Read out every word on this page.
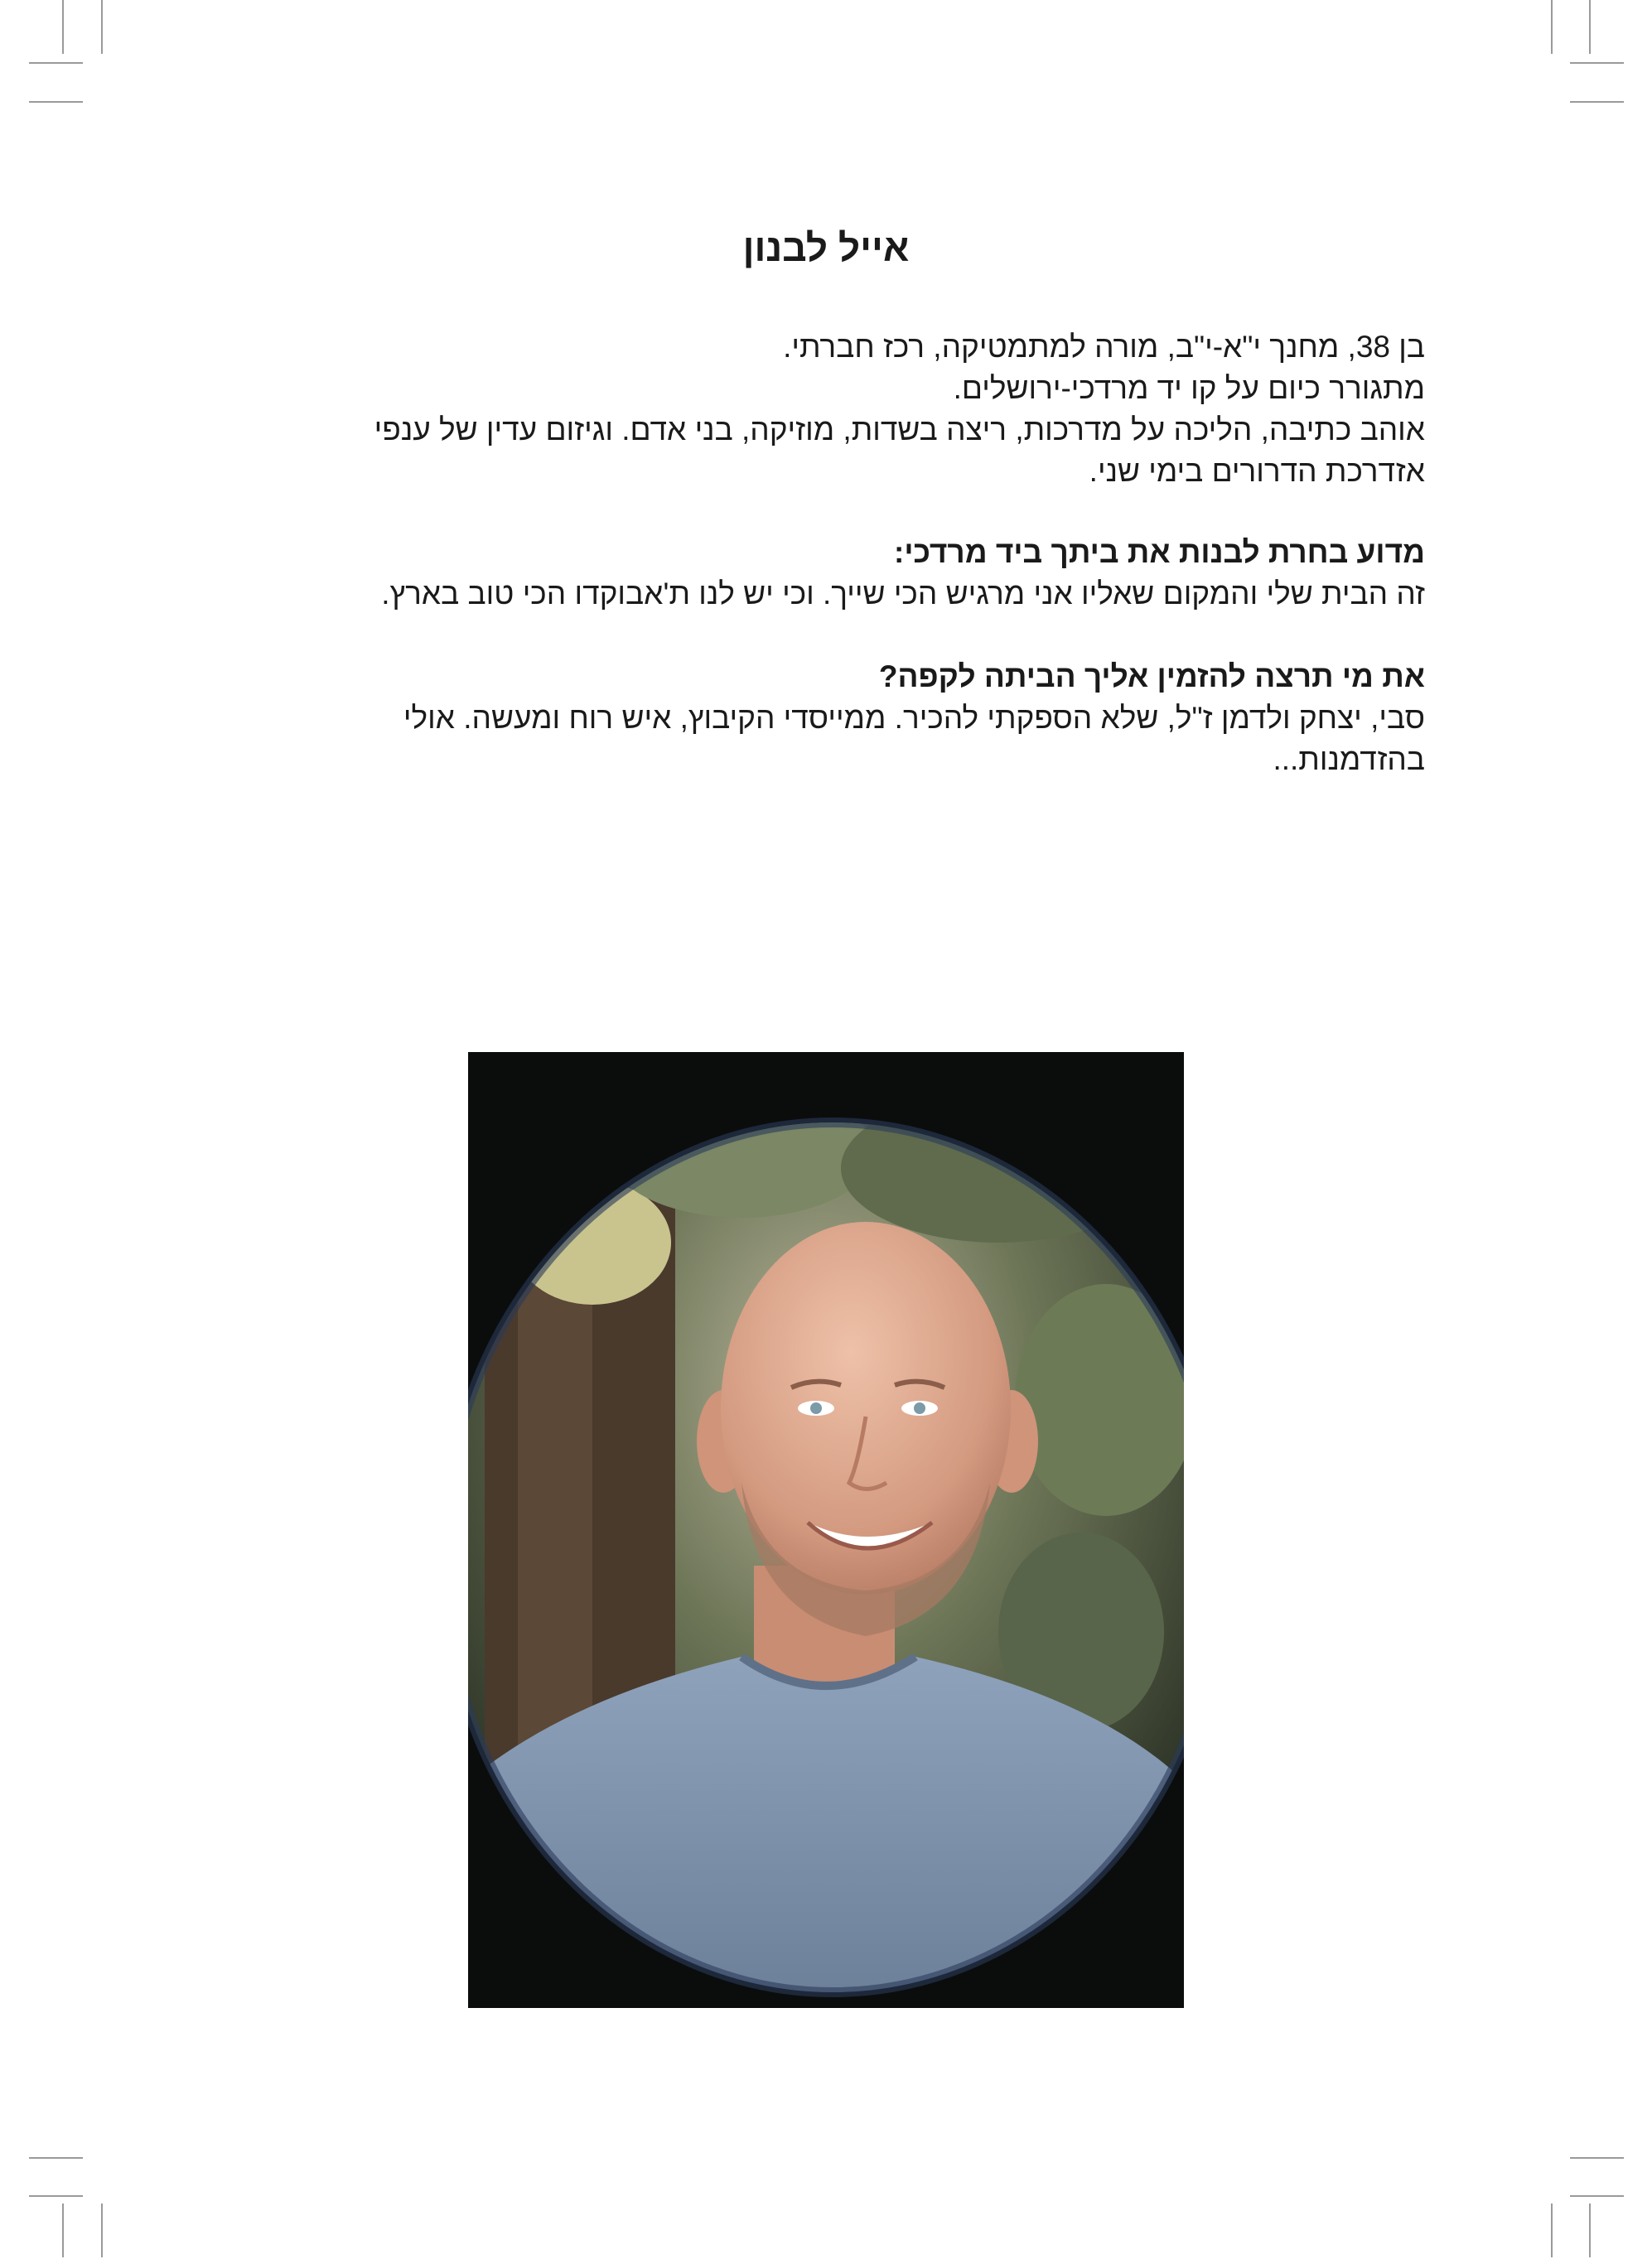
אייל לבנון

בן 38, מחנך י"א-י"ב, מורה למתמטיקה, רכז חברתי.

מתגורר כיום על קו יד מרדכי-ירושלים.

אוהב כתיבה, הליכה על מדרכות, ריצה בשדות, מוזיקה, בני אדם. וגיזום עדין של ענפי

אזדרכת הדרורים בימי שני.

מדוע בחרת לבנות את ביתך ביד מרדכי:

זה הבית שלי והמקום שאליו אני מרגיש הכי שייך. וכי יש לנו ת'אבוקדו הכי טוב בארץ.

את מי תרצה להזמין אליך הביתה לקפה?

סבי, יצחק ולדמן ז"ל, שלא הספקתי להכיר. ממייסדי הקיבוץ, איש רוח ומעשה. אולי

בהזדמנות...
